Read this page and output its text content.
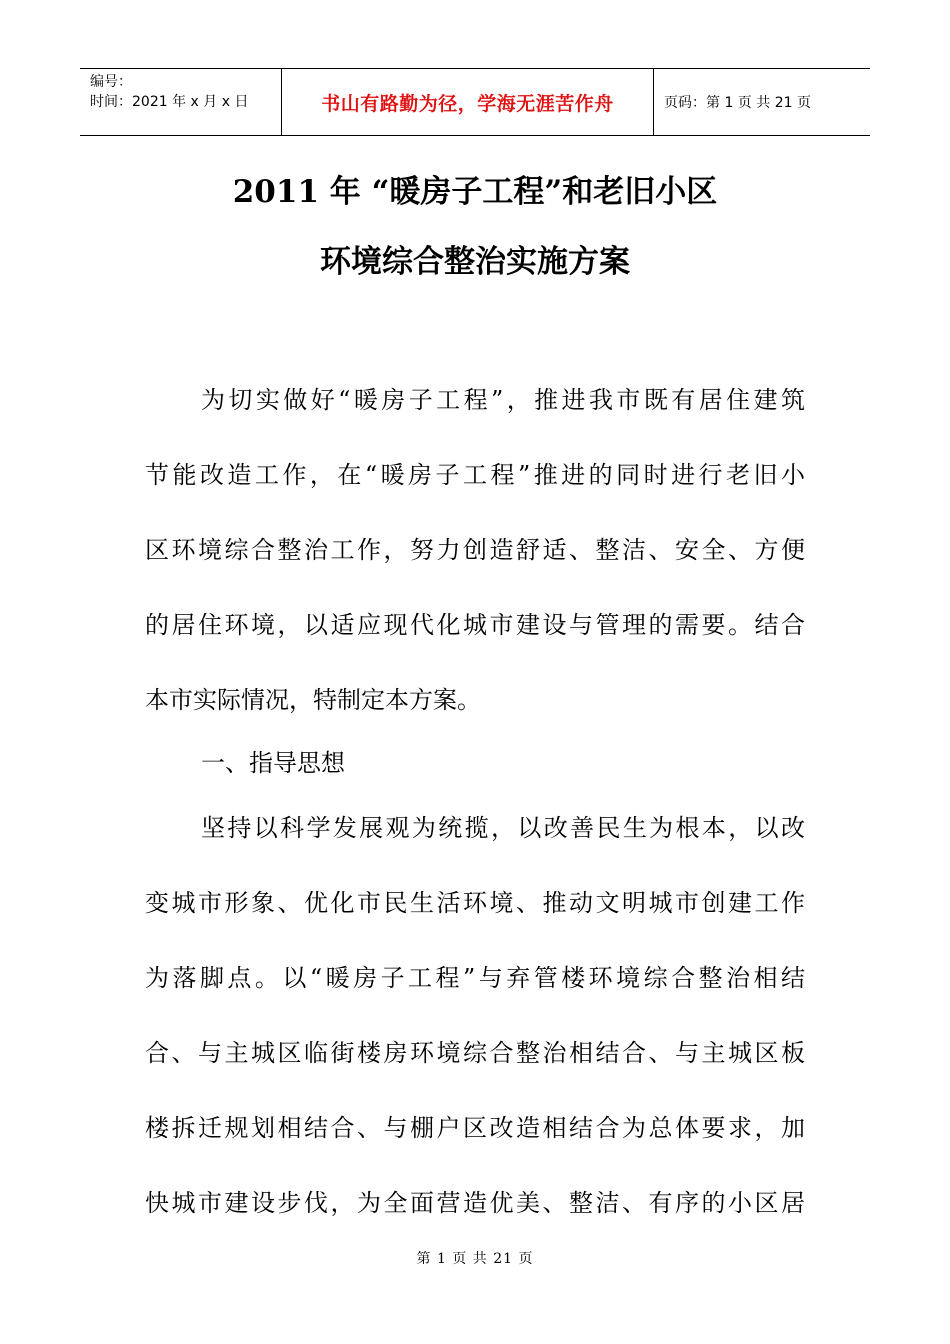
编号：
时间：2021 年 x 月 x 日	书山有路勤为径，学海无涯苦作舟	页码：第 1 页 共 21 页
2011 年 “暖房子工程”和老旧小区
环境综合整治实施方案
为切实做好“暖房子工程”，推进我市既有居住建筑
节能改造工作，在“暖房子工程”推进的同时进行老旧小
区环境综合整治工作，努力创造舒适、整洁、安全、方便
的居住环境，以适应现代化城市建设与管理的需要。结合
本市实际情况，特制定本方案。
一、指导思想
坚持以科学发展观为统揽，以改善民生为根本，以改
变城市形象、优化市民生活环境、推动文明城市创建工作
为落脚点。以“暖房子工程”与弃管楼环境综合整治相结
合、与主城区临街楼房环境综合整治相结合、与主城区板
楼拆迁规划相结合、与棚户区改造相结合为总体要求，加
快城市建设步伐，为全面营造优美、整洁、有序的小区居
第 1 页 共 21 页
